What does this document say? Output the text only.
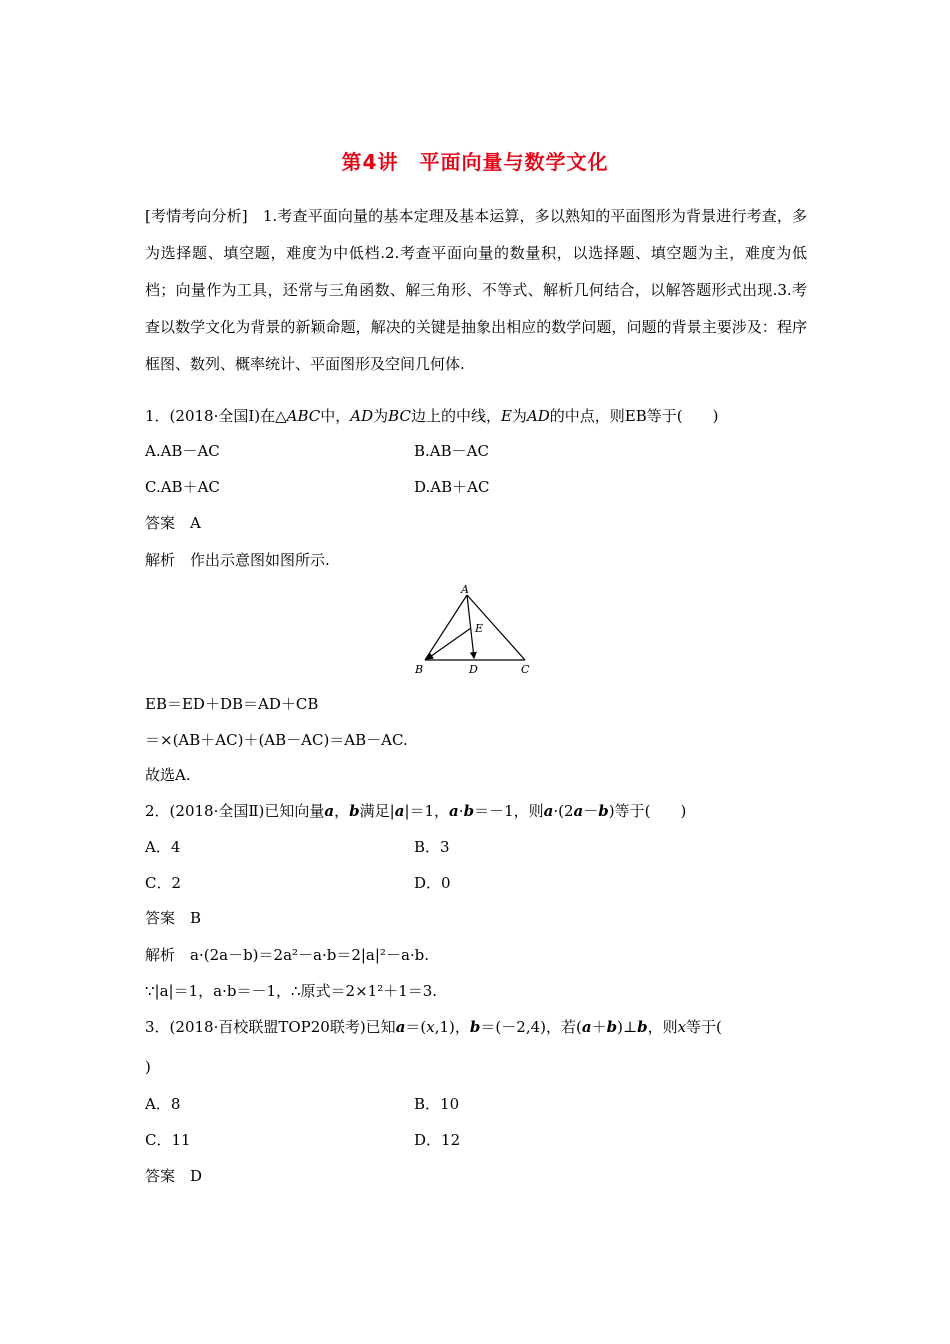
第4讲　平面向量与数学文化
[考情考向分析]　1.考查平面向量的基本定理及基本运算，多以熟知的平面图形为背景进行考查，多为选择题、填空题，难度为中低档.2.考查平面向量的数量积，以选择题、填空题为主，难度为低档；向量作为工具，还常与三角函数、解三角形、不等式、解析几何结合，以解答题形式出现.3.考查以数学文化为背景的新颖命题，解决的关键是抽象出相应的数学问题，问题的背景主要涉及：程序框图、数列、概率统计、平面图形及空间几何体.
1．(2018·全国Ⅰ)在△ABC中，AD为BC边上的中线，E为AD的中点，则EB等于(　　)
A.AB－AC	B.AB－AC
C.AB＋AC	D.AB＋AC
答案　A
解析　作出示意图如图所示.
A
B	C
D
E
EB＝ED＋DB＝AD＋CB
＝×(AB＋AC)＋(AB－AC)＝AB－AC.
故选A.
2．(2018·全国Ⅱ)已知向量a，b满足|a|＝1，a·b＝－1，则a·(2a－b)等于(　　)
A．4	B．3
C．2	D．0
答案　B
解析　a·(2a－b)＝2a²－a·b＝2|a|²－a·b.
∵|a|＝1，a·b＝－1，∴原式＝2×1²＋1＝3.
3．(2018·百校联盟TOP20联考)已知a＝(x,1)，b＝(－2,4)，若(a＋b)⊥b，则x等于(
)
A．8	B．10
C．11	D．12
答案　D
